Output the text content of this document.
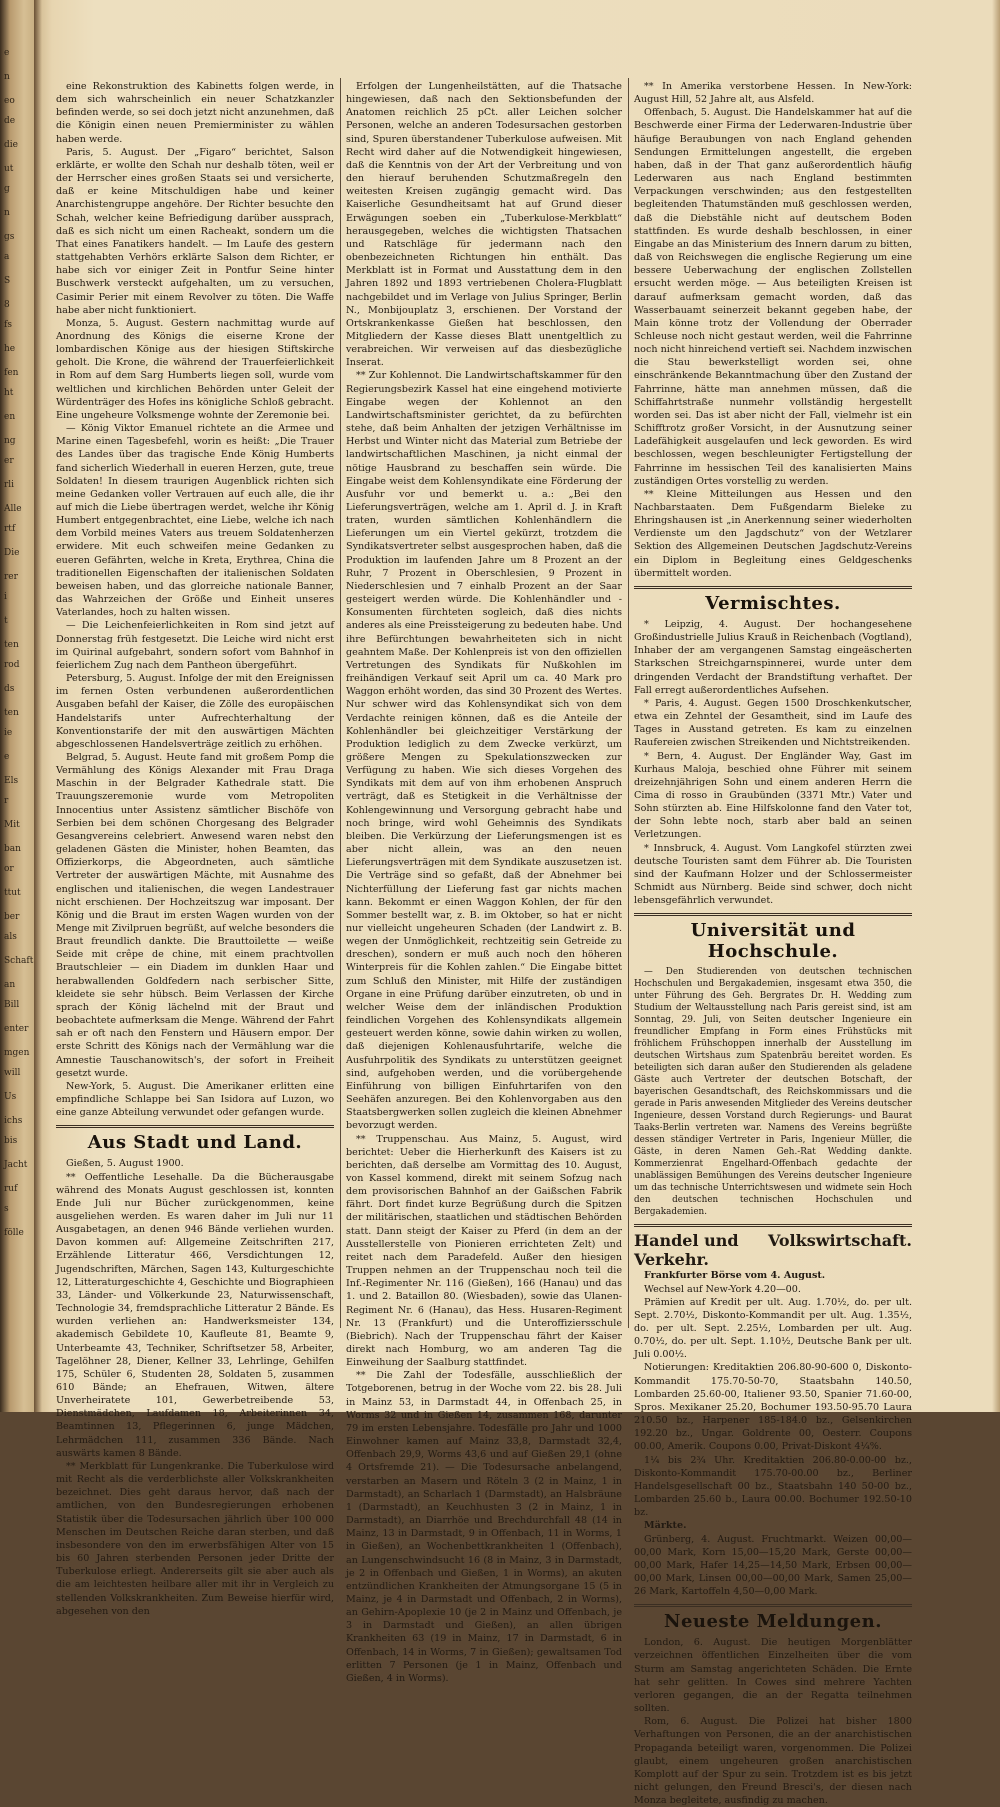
e
n
eo
de
die
ut
g
n
gs
a
S
8
fs
he
fen
ht
en
ng
er
rli
Alle
rtf
Die
rer
i
t
ten
rod
ds
ten
ie
e
Els
r
Mit
ban
or
ttut
ber
als
Schaft
an
Bill
enter
mgen
will
Us
ichs
bis
Jacht
ruf
s
fölle

eine Rekonstruktion des Kabinetts folgen werde, in dem sich wahrscheinlich ein neuer Schatzkanzler befinden werde, so sei doch jetzt nicht anzunehmen, daß die Königin einen neuen Premierminister zu wählen haben werde.

Paris, 5. August. Der „Figaro“ berichtet, Salson erklärte, er wollte den Schah nur deshalb töten, weil er der Herrscher eines großen Staats sei und versicherte, daß er keine Mitschuldigen habe und keiner Anarchistengruppe angehöre. Der Richter besuchte den Schah, welcher keine Befriedigung darüber aussprach, daß es sich nicht um einen Racheakt, sondern um die That eines Fanatikers handelt. — Im Laufe des gestern stattgehabten Verhörs erklärte Salson dem Richter, er habe sich vor einiger Zeit in Pontfur Seine hinter Buschwerk versteckt aufgehalten, um zu versuchen, Casimir Perier mit einem Revolver zu töten. Die Waffe habe aber nicht funktioniert.

Monza, 5. August. Gestern nachmittag wurde auf Anordnung des Königs die eiserne Krone der lombardischen Könige aus der hiesigen Stiftskirche geholt. Die Krone, die während der Trauerfeierlichkeit in Rom auf dem Sarg Humberts liegen soll, wurde vom weltlichen und kirchlichen Behörden unter Geleit der Würdenträger des Hofes ins königliche Schloß gebracht. Eine ungeheure Volksmenge wohnte der Zeremonie bei.

— König Viktor Emanuel richtete an die Armee und Marine einen Tagesbefehl, worin es heißt: „Die Trauer des Landes über das tragische Ende König Humberts fand sicherlich Wiederhall in eueren Herzen, gute, treue Soldaten! In diesem traurigen Augenblick richten sich meine Gedanken voller Vertrauen auf euch alle, die ihr auf mich die Liebe übertragen werdet, welche ihr König Humbert entgegenbrachtet, eine Liebe, welche ich nach dem Vorbild meines Vaters aus treuem Soldatenherzen erwidere. Mit euch schweifen meine Gedanken zu eueren Gefährten, welche in Kreta, Erythrea, China die traditionellen Eigenschaften der italienischen Soldaten beweisen haben, und das glorreiche nationale Banner, das Wahrzeichen der Größe und Einheit unseres Vaterlandes, hoch zu halten wissen.

— Die Leichenfeierlichkeiten in Rom sind jetzt auf Donnerstag früh festgesetzt. Die Leiche wird nicht erst im Quirinal aufgebahrt, sondern sofort vom Bahnhof in feierlichem Zug nach dem Pantheon übergeführt.

Petersburg, 5. August. Infolge der mit den Ereignissen im fernen Osten verbundenen außerordentlichen Ausgaben befahl der Kaiser, die Zölle des europäischen Handelstarifs unter Aufrechterhaltung der Konventionstarife der mit den auswärtigen Mächten abgeschlossenen Handelsverträge zeitlich zu erhöhen.

Belgrad, 5. August. Heute fand mit großem Pomp die Vermählung des Königs Alexander mit Frau Draga Maschin in der Belgrader Kathedrale statt. Die Trauungszeremonie wurde vom Metropoliten Innocentius unter Assistenz sämtlicher Bischöfe von Serbien bei dem schönen Chorgesang des Belgrader Gesangvereins celebriert. Anwesend waren nebst den geladenen Gästen die Minister, hohen Beamten, das Offizierkorps, die Abgeordneten, auch sämtliche Vertreter der auswärtigen Mächte, mit Ausnahme des englischen und italienischen, die wegen Landestrauer nicht erschienen. Der Hochzeitszug war imposant. Der König und die Braut im ersten Wagen wurden von der Menge mit Zivilpruen begrüßt, auf welche besonders die Braut freundlich dankte. Die Brauttoilette — weiße Seide mit crêpe de chine, mit einem prachtvollen Brautschleier — ein Diadem im dunklen Haar und herabwallenden Goldfedern nach serbischer Sitte, kleidete sie sehr hübsch. Beim Verlassen der Kirche sprach der König lächelnd mit der Braut und beobachtete aufmerksam die Menge. Während der Fahrt sah er oft nach den Fenstern und Häusern empor. Der erste Schritt des Königs nach der Vermählung war die Amnestie Tauschanowitsch's, der sofort in Freiheit gesetzt wurde.

New-York, 5. August. Die Amerikaner erlitten eine empfindliche Schlappe bei San Isidora auf Luzon, wo eine ganze Abteilung verwundet oder gefangen wurde.

Aus Stadt und Land.

Gießen, 5. August 1900.

** Oeffentliche Lesehalle. Da die Bücherausgabe während des Monats August geschlossen ist, konnten Ende Juli nur Bücher zurückgenommen, keine ausgeliehen werden. Es waren daher im Juli nur 11 Ausgabetagen, an denen 946 Bände verliehen wurden. Davon kommen auf: Allgemeine Zeitschriften 217, Erzählende Litteratur 466, Versdichtungen 12, Jugendschriften, Märchen, Sagen 143, Kulturgeschichte 12, Litteraturgeschichte 4, Geschichte und Biographieen 33, Länder- und Völkerkunde 23, Naturwissenschaft, Technologie 34, fremdsprachliche Litteratur 2 Bände. Es wurden verliehen an: Handwerksmeister 134, akademisch Gebildete 10, Kaufleute 81, Beamte 9, Unterbeamte 43, Techniker, Schriftsetzer 58, Arbeiter, Tagelöhner 28, Diener, Kellner 33, Lehrlinge, Gehilfen 175, Schüler 6, Studenten 28, Soldaten 5, zusammen 610 Bände; an Ehefrauen, Witwen, ältere Unverheiratete 101, Gewerbetreibende 53, Dienstmädchen, Laufdamen 18, Arbeiterinnen 34, Beamtinnen 13, Pflegerinnen 6, junge Mädchen, Lehrmädchen 111, zusammen 336 Bände. Nach auswärts kamen 8 Bände.

** Merkblatt für Lungenkranke. Die Tuberkulose wird mit Recht als die verderblichste aller Volkskrankheiten bezeichnet. Dies geht daraus hervor, daß nach der amtlichen, von den Bundesregierungen erhobenen Statistik über die Todesursachen jährlich über 100 000 Menschen im Deutschen Reiche daran sterben, und daß insbesondere von den im erwerbsfähigen Alter von 15 bis 60 Jahren sterbenden Personen jeder Dritte der Tuberkulose erliegt. Andererseits gilt sie aber auch als die am leichtesten heilbare aller mit ihr in Vergleich zu stellenden Volkskrankheiten. Zum Beweise hierfür wird, abgesehen von den

Erfolgen der Lungenheilstätten, auf die Thatsache hingewiesen, daß nach den Sektionsbefunden der Anatomen reichlich 25 pCt. aller Leichen solcher Personen, welche an anderen Todesursachen gestorben sind, Spuren überstandener Tuberkulose aufweisen. Mit Recht wird daher auf die Notwendigkeit hingewiesen, daß die Kenntnis von der Art der Verbreitung und von den hierauf beruhenden Schutzmaßregeln den weitesten Kreisen zugängig gemacht wird. Das Kaiserliche Gesundheitsamt hat auf Grund dieser Erwägungen soeben ein „Tuberkulose-Merkblatt“ herausgegeben, welches die wichtigsten Thatsachen und Ratschläge für jedermann nach den obenbezeichneten Richtungen hin enthält. Das Merkblatt ist in Format und Ausstattung dem in den Jahren 1892 und 1893 vertriebenen Cholera-Flugblatt nachgebildet und im Verlage von Julius Springer, Berlin N., Monbijouplatz 3, erschienen. Der Vorstand der Ortskrankenkasse Gießen hat beschlossen, den Mitgliedern der Kasse dieses Blatt unentgeltlich zu verabreichen. Wir verweisen auf das diesbezügliche Inserat.

** Zur Kohlennot. Die Landwirtschaftskammer für den Regierungsbezirk Kassel hat eine eingehend motivierte Eingabe wegen der Kohlennot an den Landwirtschaftsminister gerichtet, da zu befürchten stehe, daß beim Anhalten der jetzigen Verhältnisse im Herbst und Winter nicht das Material zum Betriebe der landwirtschaftlichen Maschinen, ja nicht einmal der nötige Hausbrand zu beschaffen sein würde. Die Eingabe weist dem Kohlensyndikate eine Förderung der Ausfuhr vor und bemerkt u. a.: „Bei den Lieferungsverträgen, welche am 1. April d. J. in Kraft traten, wurden sämtlichen Kohlenhändlern die Lieferungen um ein Viertel gekürzt, trotzdem die Syndikatsvertreter selbst ausgesprochen haben, daß die Produktion im laufenden Jahre um 8 Prozent an der Ruhr, 7 Prozent in Oberschlesien, 9 Prozent in Niederschlesien und 7 einhalb Prozent an der Saar gesteigert werden würde. Die Kohlenhändler und -Konsumenten fürchteten sogleich, daß dies nichts anderes als eine Preissteigerung zu bedeuten habe. Und ihre Befürchtungen bewahrheiteten sich in nicht geahntem Maße. Der Kohlenpreis ist von den offiziellen Vertretungen des Syndikats für Nußkohlen im freihändigen Verkauf seit April um ca. 40 Mark pro Waggon erhöht worden, das sind 30 Prozent des Wertes. Nur schwer wird das Kohlensyndikat sich von dem Verdachte reinigen können, daß es die Anteile der Kohlenhändler bei gleichzeitiger Verstärkung der Produktion lediglich zu dem Zwecke verkürzt, um größere Mengen zu Spekulationszwecken zur Verfügung zu haben. Wie sich dieses Vorgehen des Syndikats mit dem auf von ihm erhobenen Anspruch verträgt, daß es Stetigkeit in die Verhältnisse der Kohlengewinnung und Versorgung gebracht habe und noch bringe, wird wohl Geheimnis des Syndikats bleiben. Die Verkürzung der Lieferungsmengen ist es aber nicht allein, was an den neuen Lieferungsverträgen mit dem Syndikate auszusetzen ist. Die Verträge sind so gefaßt, daß der Abnehmer bei Nichterfüllung der Lieferung fast gar nichts machen kann. Bekommt er einen Waggon Kohlen, der für den Sommer bestellt war, z. B. im Oktober, so hat er nicht nur vielleicht ungeheuren Schaden (der Landwirt z. B. wegen der Unmöglichkeit, rechtzeitig sein Getreide zu dreschen), sondern er muß auch noch den höheren Winterpreis für die Kohlen zahlen.“ Die Eingabe bittet zum Schluß den Minister, mit Hilfe der zuständigen Organe in eine Prüfung darüber einzutreten, ob und in welcher Weise dem der inländischen Produktion feindlichen Vorgehen des Kohlensyndikats allgemein gesteuert werden könne, sowie dahin wirken zu wollen, daß diejenigen Kohlenausfuhrtarife, welche die Ausfuhrpolitik des Syndikats zu unterstützen geeignet sind, aufgehoben werden, und die vorübergehende Einführung von billigen Einfuhrtarifen von den Seehäfen anzuregen. Bei den Kohlenvorgaben aus den Staatsbergwerken sollen zugleich die kleinen Abnehmer bevorzugt werden.

** Truppenschau. Aus Mainz, 5. August, wird berichtet: Ueber die Hierherkunft des Kaisers ist zu berichten, daß derselbe am Vormittag des 10. August, von Kassel kommend, direkt mit seinem Sofzug nach dem provisorischen Bahnhof an der Gaißschen Fabrik fährt. Dort findet kurze Begrüßung durch die Spitzen der militärischen, staatlichen und städtischen Behörden statt. Dann steigt der Kaiser zu Pferd (in dem an der Ausstellerstelle von Pionieren errichteten Zelt) und reitet nach dem Paradefeld. Außer den hiesigen Truppen nehmen an der Truppenschau noch teil die Inf.-Regimenter Nr. 116 (Gießen), 166 (Hanau) und das 1. und 2. Bataillon 80. (Wiesbaden), sowie das Ulanen-Regiment Nr. 6 (Hanau), das Hess. Husaren-Regiment Nr. 13 (Frankfurt) und die Unteroffiziersschule (Biebrich). Nach der Truppenschau fährt der Kaiser direkt nach Homburg, wo am anderen Tag die Einweihung der Saalburg stattfindet.

** Die Zahl der Todesfälle, ausschließlich der Totgeborenen, betrug in der Woche vom 22. bis 28. Juli in Mainz 53, in Darmstadt 44, in Offenbach 25, in Worms 32 und in Gießen 14, zusammen 168, darunter 79 im ersten Lebensjahre. Todesfälle pro Jahr und 1000 Einwohner kamen auf Mainz 33,8, Darmstadt 32,4, Offenbach 29,9, Worms 43,6 und auf Gießen 29,1 (ohne 4 Ortsfremde 21). — Die Todesursache anbelangend, verstarben an Masern und Röteln 3 (2 in Mainz, 1 in Darmstadt), an Scharlach 1 (Darmstadt), an Halsbräune 1 (Darmstadt), an Keuchhusten 3 (2 in Mainz, 1 in Darmstadt), an Diarrhöe und Brechdurchfall 48 (14 in Mainz, 13 in Darmstadt, 9 in Offenbach, 11 in Worms, 1 in Gießen), an Wochenbettkrankheiten 1 (Offenbach), an Lungenschwindsucht 16 (8 in Mainz, 3 in Darmstadt, je 2 in Offenbach und Gießen, 1 in Worms), an akuten entzündlichen Krankheiten der Atmungsorgane 15 (5 in Mainz, je 4 in Darmstadt und Offenbach, 2 in Worms), an Gehirn-Apoplexie 10 (je 2 in Mainz und Offenbach, je 3 in Darmstadt und Gießen), an allen übrigen Krankheiten 63 (19 in Mainz, 17 in Darmstadt, 6 in Offenbach, 14 in Worms, 7 in Gießen); gewaltsamen Tod erlitten 7 Personen (je 1 in Mainz, Offenbach und Gießen, 4 in Worms).

** In Amerika verstorbene Hessen. In New-York: August Hill, 52 Jahre alt, aus Alsfeld.

Offenbach, 5. August. Die Handelskammer hat auf die Beschwerde einer Firma der Lederwaren-Industrie über häufige Beraubungen von nach England gehenden Sendungen Ermittelungen angestellt, die ergeben haben, daß in der That ganz außerordentlich häufig Lederwaren aus nach England bestimmten Verpackungen verschwinden; aus den festgestellten begleitenden Thatumständen muß geschlossen werden, daß die Diebstähle nicht auf deutschem Boden stattfinden. Es wurde deshalb beschlossen, in einer Eingabe an das Ministerium des Innern darum zu bitten, daß von Reichswegen die englische Regierung um eine bessere Ueberwachung der englischen Zollstellen ersucht werden möge. — Aus beteiligten Kreisen ist darauf aufmerksam gemacht worden, daß das Wasserbauamt seinerzeit bekannt gegeben habe, der Main könne trotz der Vollendung der Oberrader Schleuse noch nicht gestaut werden, weil die Fahrrinne noch nicht hinreichend vertieft sei. Nachdem inzwischen die Stau bewerkstelligt worden sei, ohne einschränkende Bekanntmachung über den Zustand der Fahrrinne, hätte man annehmen müssen, daß die Schiffahrtstraße nunmehr vollständig hergestellt worden sei. Das ist aber nicht der Fall, vielmehr ist ein Schifftrotz großer Vorsicht, in der Ausnutzung seiner Ladefähigkeit ausgelaufen und leck geworden. Es wird beschlossen, wegen beschleunigter Fertigstellung der Fahrrinne im hessischen Teil des kanalisierten Mains zuständigen Ortes vorstellig zu werden.

** Kleine Mitteilungen aus Hessen und den Nachbarstaaten. Dem Fußgendarm Bieleke zu Ehringshausen ist „in Anerkennung seiner wiederholten Verdienste um den Jagdschutz“ von der Wetzlarer Sektion des Allgemeinen Deutschen Jagdschutz-Vereins ein Diplom in Begleitung eines Geldgeschenks übermittelt worden.

Vermischtes.

* Leipzig, 4. August. Der hochangesehene Großindustrielle Julius Krauß in Reichenbach (Vogtland), Inhaber der am vergangenen Samstag eingeäscherten Starkschen Streichgarnspinnerei, wurde unter dem dringenden Verdacht der Brandstiftung verhaftet. Der Fall erregt außerordentliches Aufsehen.

* Paris, 4. August. Gegen 1500 Droschkenkutscher, etwa ein Zehntel der Gesamtheit, sind im Laufe des Tages in Ausstand getreten. Es kam zu einzelnen Raufereien zwischen Streikenden und Nichtstreikenden.

* Bern, 4. August. Der Engländer Way, Gast im Kurhaus Maloja, beschied ohne Führer mit seinem dreizehnjährigen Sohn und einem anderen Herrn die Cima di rosso in Graubünden (3371 Mtr.) Vater und Sohn stürzten ab. Eine Hilfskolonne fand den Vater tot, der Sohn lebte noch, starb aber bald an seinen Verletzungen.

* Innsbruck, 4. August. Vom Langkofel stürzten zwei deutsche Touristen samt dem Führer ab. Die Touristen sind der Kaufmann Holzer und der Schlossermeister Schmidt aus Nürnberg. Beide sind schwer, doch nicht lebensgefährlich verwundet.

Universität und Hochschule.

— Den Studierenden von deutschen technischen Hochschulen und Bergakademien, insgesamt etwa 350, die unter Führung des Geh. Bergrates Dr. H. Wedding zum Studium der Weltausstellung nach Paris gereist sind, ist am Sonntag, 29. Juli, von Seiten deutscher Ingenieure ein freundlicher Empfang in Form eines Frühstücks mit fröhlichem Frühschoppen innerhalb der Ausstellung im deutschen Wirtshaus zum Spatenbräu bereitet worden. Es beteiligten sich daran außer den Studierenden als geladene Gäste auch Vertreter der deutschen Botschaft, der bayerischen Gesandtschaft, des Reichskommissars und die gerade in Paris anwesenden Mitglieder des Vereins deutscher Ingenieure, dessen Vorstand durch Regierungs- und Baurat Taaks-Berlin vertreten war. Namens des Vereins begrüßte dessen ständiger Vertreter in Paris, Ingenieur Müller, die Gäste, in deren Namen Geh.-Rat Wedding dankte. Kommerzienrat Engelhard-Offenbach gedachte der unablässigen Bemühungen des Vereins deutscher Ingenieure um das technische Unterrichtswesen und widmete sein Hoch den deutschen technischen Hochschulen und Bergakademien.

Handel und Verkehr.
Volkswirtschaft.

Frankfurter Börse vom 4. August.

Wechsel auf New-York 4.20—00.

Prämien auf Kredit per ult. Aug. 1.70½, do. per ult. Sept. 2.70½, Diskonto-Kommandit per ult. Aug. 1.35½, do. per ult. Sept. 2.25½, Lombarden per ult. Aug. 0.70½, do. per ult. Sept. 1.10½, Deutsche Bank per ult. Juli 0.00½.

Notierungen: Kreditaktien 206.80-90-600 0, Diskonto-Kommandit 175.70-50-70, Staatsbahn 140.50, Lombarden 25.60-00, Italiener 93.50, Spanier 71.60-00, Spros. Mexikaner 25.20, Bochumer 193.50-95.70 Laura 210.50 bz., Harpener 185-184.0 bz., Gelsenkirchen 192.20 bz., Ungar. Goldrente 00, Oesterr. Coupons 00.00, Amerik. Coupons 0.00, Privat-Diskont 4¼%.

1¼ bis 2¾ Uhr. Kreditaktien 206.80-0.00-00 bz., Diskonto-Kommandit 175.70-00.00 bz., Berliner Handelsgesellschaft 00 bz., Staatsbahn 140 50-00 bz., Lombarden 25.60 b., Laura 00.00. Bochumer 192.50-10 bz.

Märkte.

Grünberg, 4. August. Fruchtmarkt. Weizen 00,00—00,00 Mark, Korn 15,00—15,20 Mark, Gerste 00,00—00,00 Mark, Hafer 14,25—14,50 Mark, Erbsen 00,00—00,00 Mark, Linsen 00,00—00,00 Mark, Samen 25,00—26 Mark, Kartoffeln 4,50—0,00 Mark.

Neueste Meldungen.

London, 6. August. Die heutigen Morgenblätter verzeichnen öffentlichen Einzelheiten über die vom Sturm am Samstag angerichteten Schäden. Die Ernte hat sehr gelitten. In Cowes sind mehrere Yachten verloren gegangen, die an der Regatta teilnehmen sollten.

Rom, 6. August. Die Polizei hat bisher 1800 Verhaftungen von Personen, die an der anarchistischen Propaganda beteiligt waren, vorgenommen. Die Polizei glaubt, einem ungeheuren großen anarchistischen Komplott auf der Spur zu sein. Trotzdem ist es bis jetzt nicht gelungen, den Freund Bresci's, der diesen nach Monza begleitete, ausfindig zu machen.
